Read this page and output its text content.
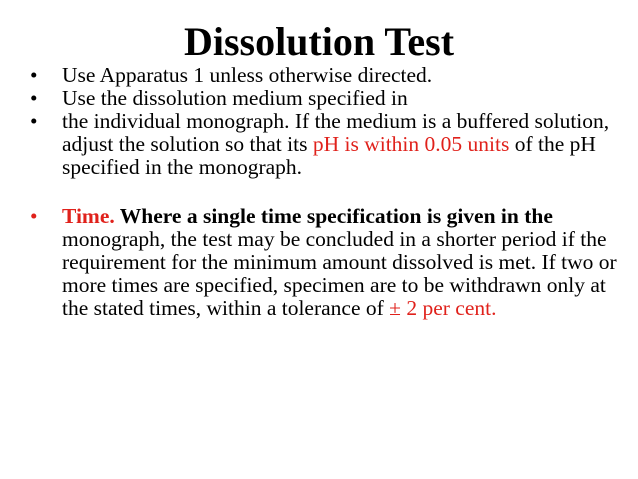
Dissolution Test
•	Use Apparatus 1 unless otherwise directed.
•	Use the dissolution medium specified in
•	the individual monograph. If the medium is a buffered solution, adjust the solution so that its pH is within 0.05 units of the pH specified in the monograph.
•	Time. Where a single time specification is given in the monograph, the test may be concluded in a shorter period if the requirement for the minimum amount dissolved is met. If two or more times are specified, specimen are to be withdrawn only at the stated times, within a tolerance of ± 2 per cent.
